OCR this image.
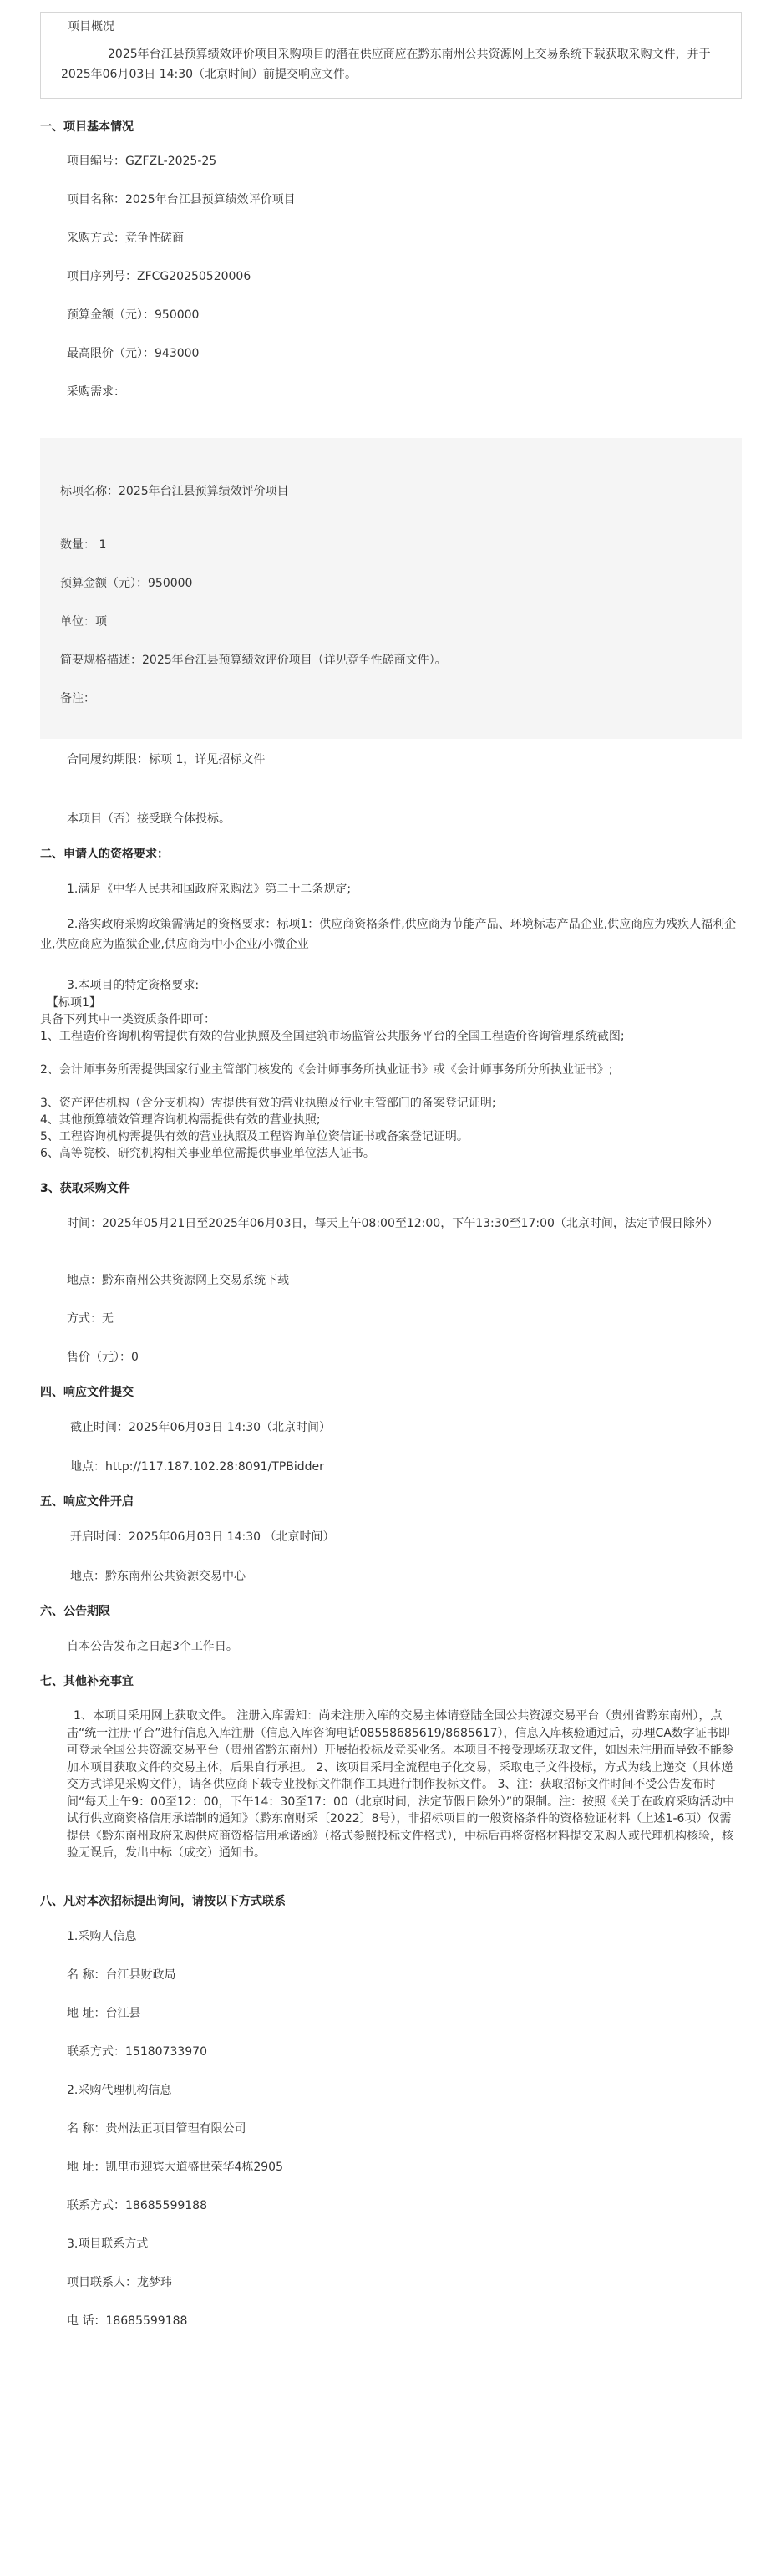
项目概况
2025年台江县预算绩效评价项目采购项目的潜在供应商应在黔东南州公共资源网上交易系统下载获取采购文件，并于2025年06月03日 14:30（北京时间）前提交响应文件。
一、项目基本情况
项目编号：GZFZL-2025-25
项目名称：2025年台江县预算绩效评价项目
采购方式：竞争性磋商
项目序列号：ZFCG20250520006
预算金额（元）：950000
最高限价（元）：943000
采购需求：
标项名称：2025年台江县预算绩效评价项目
数量： 1
预算金额（元）：950000
单位：项
简要规格描述：2025年台江县预算绩效评价项目（详见竞争性磋商文件）。
备注：
合同履约期限：标项 1，详见招标文件
本项目（否）接受联合体投标。
二、申请人的资格要求：
1.满足《中华人民共和国政府采购法》第二十二条规定;
2.落实政府采购政策需满足的资格要求：标项1：供应商资格条件,供应商为节能产品、环境标志产品企业,供应商应为残疾人福利企业,供应商应为监狱企业,供应商为中小企业/小微企业
3.本项目的特定资格要求:
【标项1】
具备下列其中一类资质条件即可：
1、工程造价咨询机构需提供有效的营业执照及全国建筑市场监管公共服务平台的全国工程造价咨询管理系统截图;
2、会计师事务所需提供国家行业主管部门核发的《会计师事务所执业证书》或《会计师事务所分所执业证书》;
3、资产评估机构（含分支机构）需提供有效的营业执照及行业主管部门的备案登记证明;
4、其他预算绩效管理咨询机构需提供有效的营业执照;
5、工程咨询机构需提供有效的营业执照及工程咨询单位资信证书或备案登记证明。
6、高等院校、研究机构相关事业单位需提供事业单位法人证书。
3、获取采购文件
时间：2025年05月21日至2025年06月03日，每天上午08:00至12:00，下午13:30至17:00（北京时间，法定节假日除外）
地点：黔东南州公共资源网上交易系统下载
方式：无
售价（元）：0
四、响应文件提交
截止时间：2025年06月03日 14:30（北京时间）
地点：http://117.187.102.28:8091/TPBidder
五、响应文件开启
开启时间：2025年06月03日 14:30 （北京时间）
地点：黔东南州公共资源交易中心
六、公告期限
自本公告发布之日起3个工作日。
七、其他补充事宜
1、本项目采用网上获取文件。 注册入库需知：尚未注册入库的交易主体请登陆全国公共资源交易平台（贵州省黔东南州），点击“统一注册平台”进行信息入库注册（信息入库咨询电话08558685619/8685617），信息入库核验通过后，办理CA数字证书即可登录全国公共资源交易平台（贵州省黔东南州）开展招投标及竞买业务。本项目不接受现场获取文件，如因未注册而导致不能参加本项目获取文件的交易主体，后果自行承担。 2、该项目采用全流程电子化交易，采取电子文件投标，方式为线上递交（具体递交方式详见采购文件），请各供应商下载专业投标文件制作工具进行制作投标文件。 3、注：获取招标文件时间不受公告发布时间“每天上午9：00至12：00，下午14：30至17：00（北京时间，法定节假日除外）”的限制。注：按照《关于在政府采购活动中试行供应商资格信用承诺制的通知》（黔东南财采〔2022〕8号），非招标项目的一般资格条件的资格验证材料（上述1-6项）仅需提供《黔东南州政府采购供应商资格信用承诺函》（格式参照投标文件格式），中标后再将资格材料提交采购人或代理机构核验，核验无误后，发出中标（成交）通知书。
八、凡对本次招标提出询问，请按以下方式联系
1.采购人信息
名 称：台江县财政局
地 址：台江县
联系方式：15180733970
2.采购代理机构信息
名 称：贵州法正项目管理有限公司
地 址：凯里市迎宾大道盛世荣华4栋2905
联系方式：18685599188
3.项目联系方式
项目联系人：龙梦玮
电 话：18685599188
